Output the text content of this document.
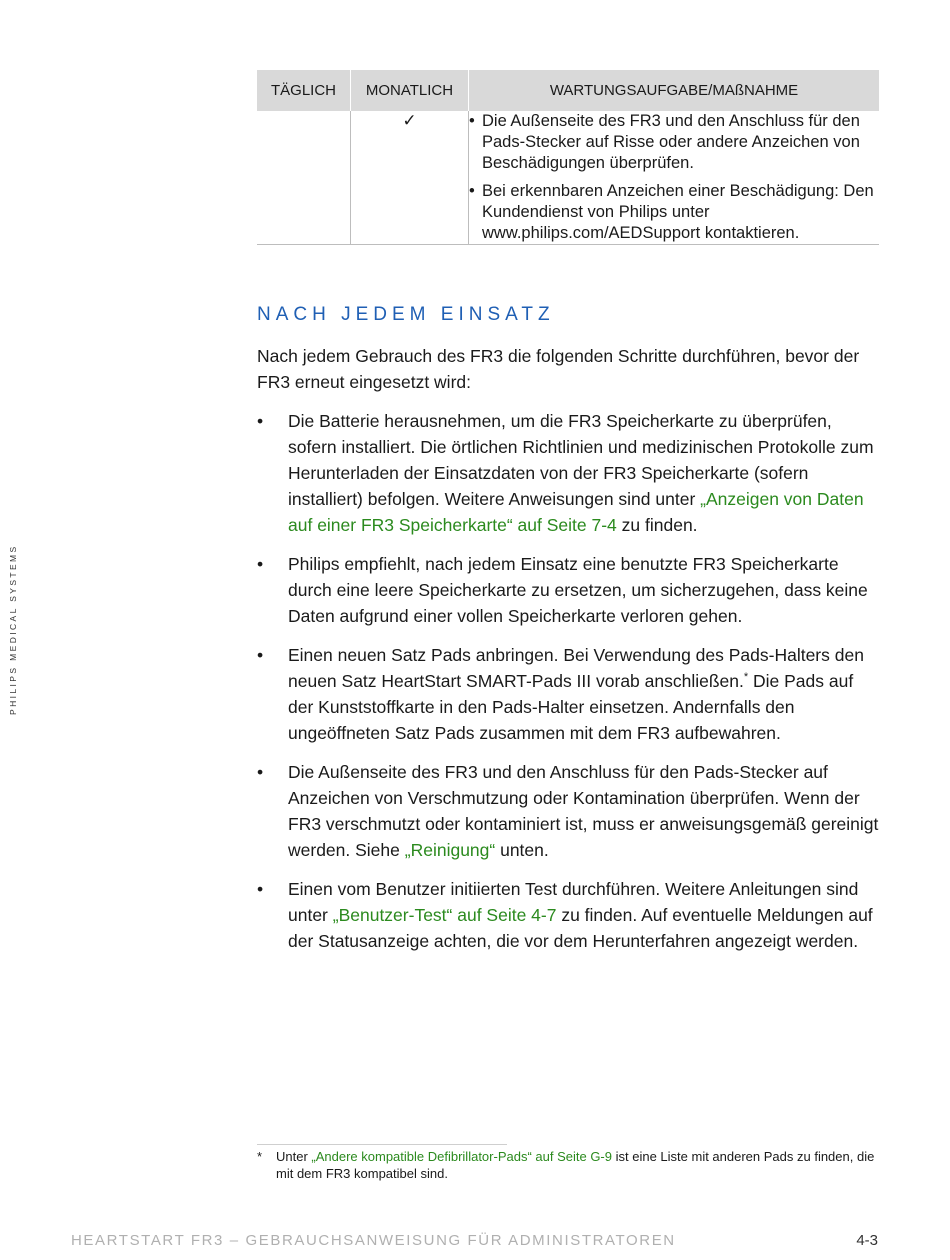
PHILIPS MEDICAL SYSTEMS
TÄGLICH	MONATLICH	WARTUNGSAUFGABE/MAßNAHME
	✓	• Die Außenseite des FR3 und den Anschluss für den Pads-Stecker auf Risse oder andere Anzeichen von Beschädigungen überprüfen.
• Bei erkennbaren Anzeichen einer Beschädigung: Den Kundendienst von Philips unter www.philips.com/AEDSupport kontaktieren.
NACH JEDEM EINSATZ
Nach jedem Gebrauch des FR3 die folgenden Schritte durchführen, bevor der FR3 erneut eingesetzt wird:
• Die Batterie herausnehmen, um die FR3 Speicherkarte zu überprüfen, sofern installiert. Die örtlichen Richtlinien und medizinischen Protokolle zum Herunterladen der Einsatzdaten von der FR3 Speicherkarte (sofern installiert) befolgen. Weitere Anweisungen sind unter „Anzeigen von Daten auf einer FR3 Speicherkarte“ auf Seite 7-4 zu finden.
• Philips empfiehlt, nach jedem Einsatz eine benutzte FR3 Speicherkarte durch eine leere Speicherkarte zu ersetzen, um sicherzugehen, dass keine Daten aufgrund einer vollen Speicherkarte verloren gehen.
• Einen neuen Satz Pads anbringen. Bei Verwendung des Pads-Halters den neuen Satz HeartStart SMART-Pads III vorab anschließen.* Die Pads auf der Kunststoffkarte in den Pads-Halter einsetzen. Andernfalls den ungeöffneten Satz Pads zusammen mit dem FR3 aufbewahren.
• Die Außenseite des FR3 und den Anschluss für den Pads-Stecker auf Anzeichen von Verschmutzung oder Kontamination überprüfen. Wenn der FR3 verschmutzt oder kontaminiert ist, muss er anweisungsgemäß gereinigt werden. Siehe „Reinigung“ unten.
• Einen vom Benutzer initiierten Test durchführen. Weitere Anleitungen sind unter „Benutzer-Test“ auf Seite 4-7 zu finden. Auf eventuelle Meldungen auf der Statusanzeige achten, die vor dem Herunterfahren angezeigt werden.
*	Unter „Andere kompatible Defibrillator-Pads“ auf Seite G-9 ist eine Liste mit anderen Pads zu finden, die mit dem FR3 kompatibel sind.
HEARTSTART FR3 – GEBRAUCHSANWEISUNG FÜR ADMINISTRATOREN	4-3
